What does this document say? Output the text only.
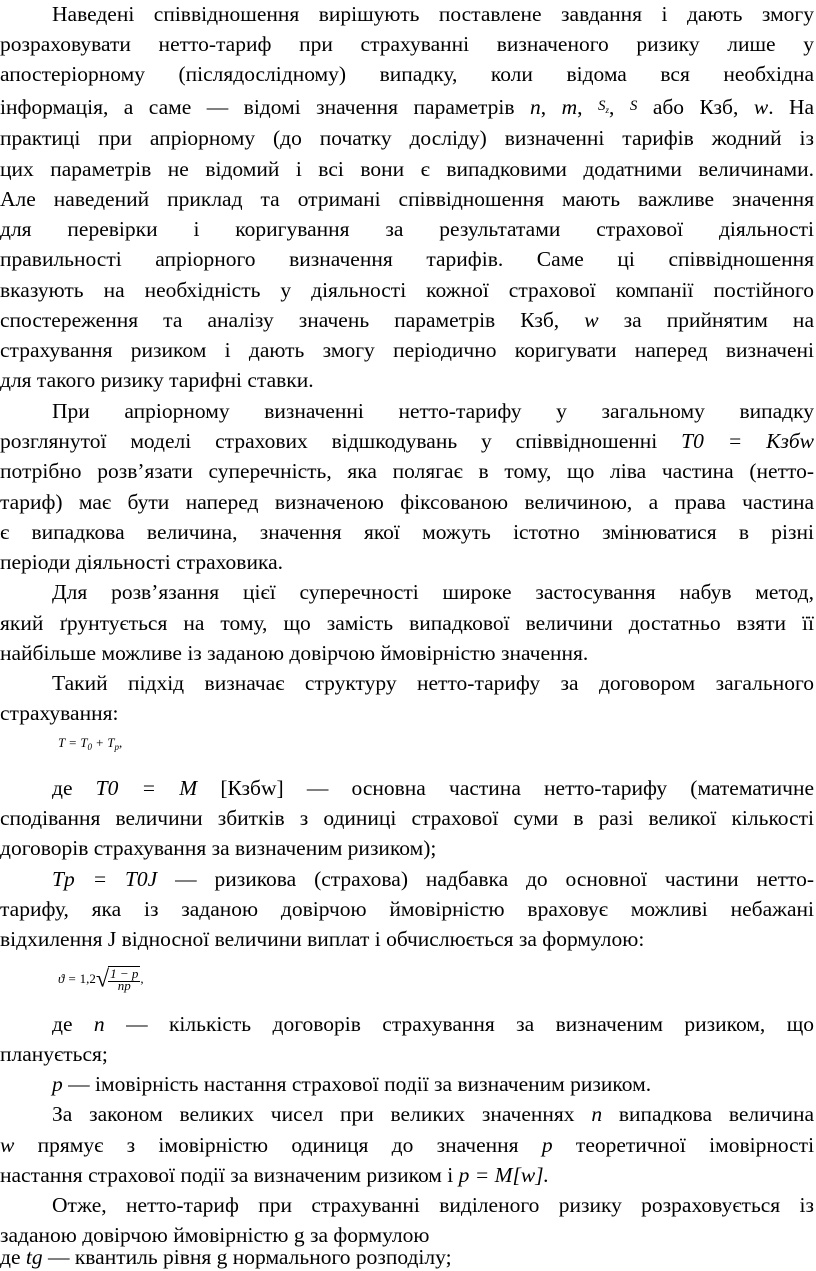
Наведені співвідношення вирішують поставлене завдання і дають змогу
розраховувати нетто-тариф при страхуванні визначеного ризику лише у
апостеріорному (післядослідному) випадку, коли відома вся необхідна
інформація, а саме — відомі значення параметрів n, m, $S_z$, S або Кзб, w. На
практиці при апріорному (до початку досліду) визначенні тарифів жодний із
цих параметрів не відомий і всі вони є випадковими додатними величинами.
Але наведений приклад та отримані співвідношення мають важливе значення
для перевірки і коригування за результатами страхової діяльності
правильності апріорного визначення тарифів. Саме ці співвідношення
вказують на необхідність у діяльності кожної страхової компанії постійного
спостереження та аналізу значень параметрів Кзб, w за прийнятим на
страхування ризиком і дають змогу періодично коригувати наперед визначені
для такого ризику тарифні ставки.
При апріорному визначенні нетто-тарифу у загальному випадку
розглянутої моделі страхових відшкодувань у співвідношенні T0 = Кзбw
потрібно розв’язати суперечність, яка полягає в тому, що ліва частина (нетто-
тариф) має бути наперед визначеною фіксованою величиною, а права частина
є випадкова величина, значення якої можуть істотно змінюватися в різні
періоди діяльності страховика.
Для розв’язання цієї суперечності широке застосування набув метод,
який ґрунтується на тому, що замість випадкової величини достатньо взяти її
найбільше можливе із заданою довірчою ймовірністю значення.
Такий підхід визначає структуру нетто-тарифу за договором загального
страхування:
$T = T_0 + T_p$,
де T0 = M [Кзбw] — основна частина нетто-тарифу (математичне
сподівання величини збитків з одиниці страхової суми в разі великої кількості
договорів страхування за визначеним ризиком);
Tp = T0J — ризикова (страхова) надбавка до основної частини нетто-
тарифу, яка із заданою довірчою ймовірністю враховує можливі небажані
відхилення J відносної величини виплат і обчислюється за формулою:
ϑ = 1,2√1 − p
np ,
де n — кількість договорів страхування за визначеним ризиком, що
планується;
p — імовірність настання страхової події за визначеним ризиком.
За законом великих чисел при великих значеннях n випадкова величина
w прямує з імовірністю одиниця до значення p теоретичної імовірності
настання страхової події за визначеним ризиком і p = M[w].
Отже, нетто-тариф при страхуванні виділеного ризику розраховується із
заданою довірчою ймовірністю g за формулою
де tg — квантиль рівня g нормального розподілу;
